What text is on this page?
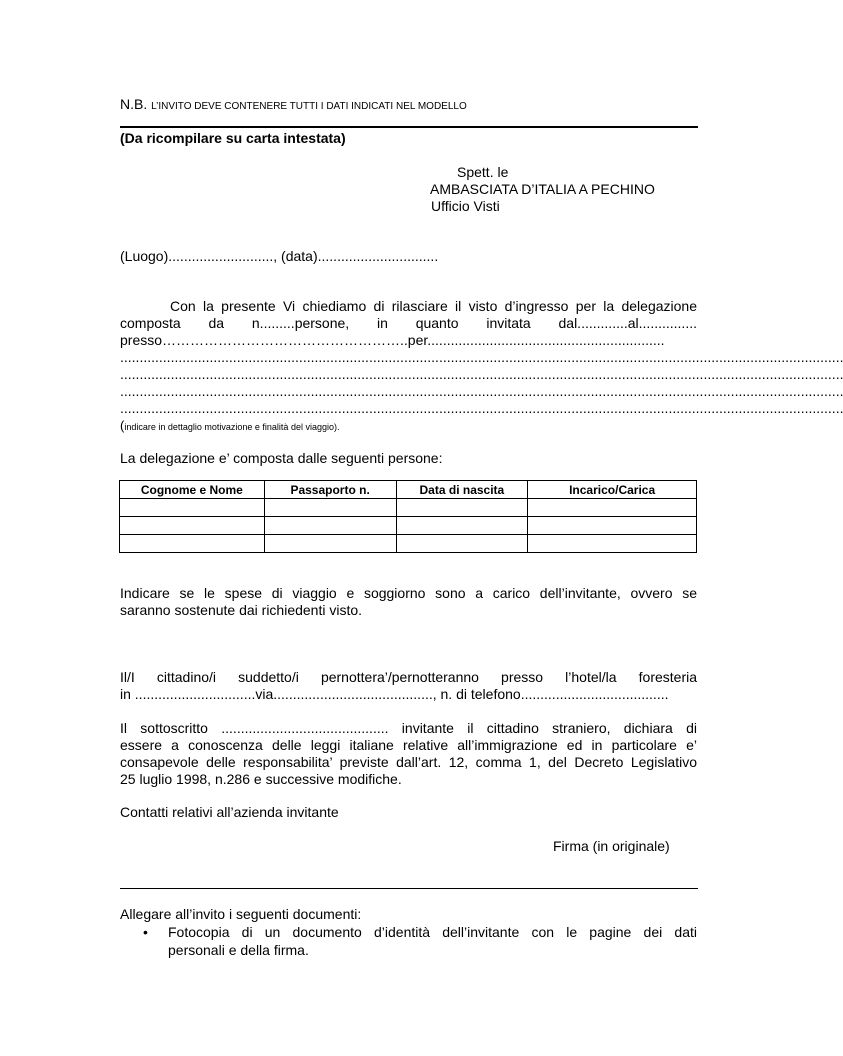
N.B. L’INVITO DEVE CONTENERE TUTTI I DATI INDICATI NEL MODELLO
(Da ricompilare su carta intestata)
Spett. le
AMBASCIATA D’ITALIA A PECHINO
Ufficio Visti
(Luogo)..........................., (data)...............................
Con la presente Vi chiediamo di rilasciare il visto d’ingresso per la delegazione
composta da n.........persone, in quanto invitata dal.............al...............
presso……………………………………………..per.............................................................
..........................................................................................................................................................................................
..........................................................................................................................................................................................
..........................................................................................................................................................................................
..........................................................................................................................................................................................
(indicare in dettaglio motivazione e finalità del viaggio).
La delegazione e’ composta dalle seguenti persone:
Cognome e Nome	Passaporto n.	Data di nascita	Incarico/Carica

Indicare se le spese di viaggio e soggiorno sono a carico dell’invitante, ovvero se
saranno sostenute dai richiedenti visto.
Il/I cittadino/i suddetto/i pernottera’/pernotteranno presso l’hotel/la foresteria
in ...............................via........................................., n. di telefono......................................
Il sottoscritto ........................................... invitante il cittadino straniero, dichiara di
essere a conoscenza delle leggi italiane relative all’immigrazione ed in particolare e’
consapevole delle responsabilita’ previste dall’art. 12, comma 1, del Decreto Legislativo
25 luglio 1998, n.286 e successive modifiche.
Contatti relativi all’azienda invitante
Firma (in originale)
Allegare all’invito i seguenti documenti:
• Fotocopia di un documento d’identità dell’invitante con le pagine dei dati
personali e della firma.
